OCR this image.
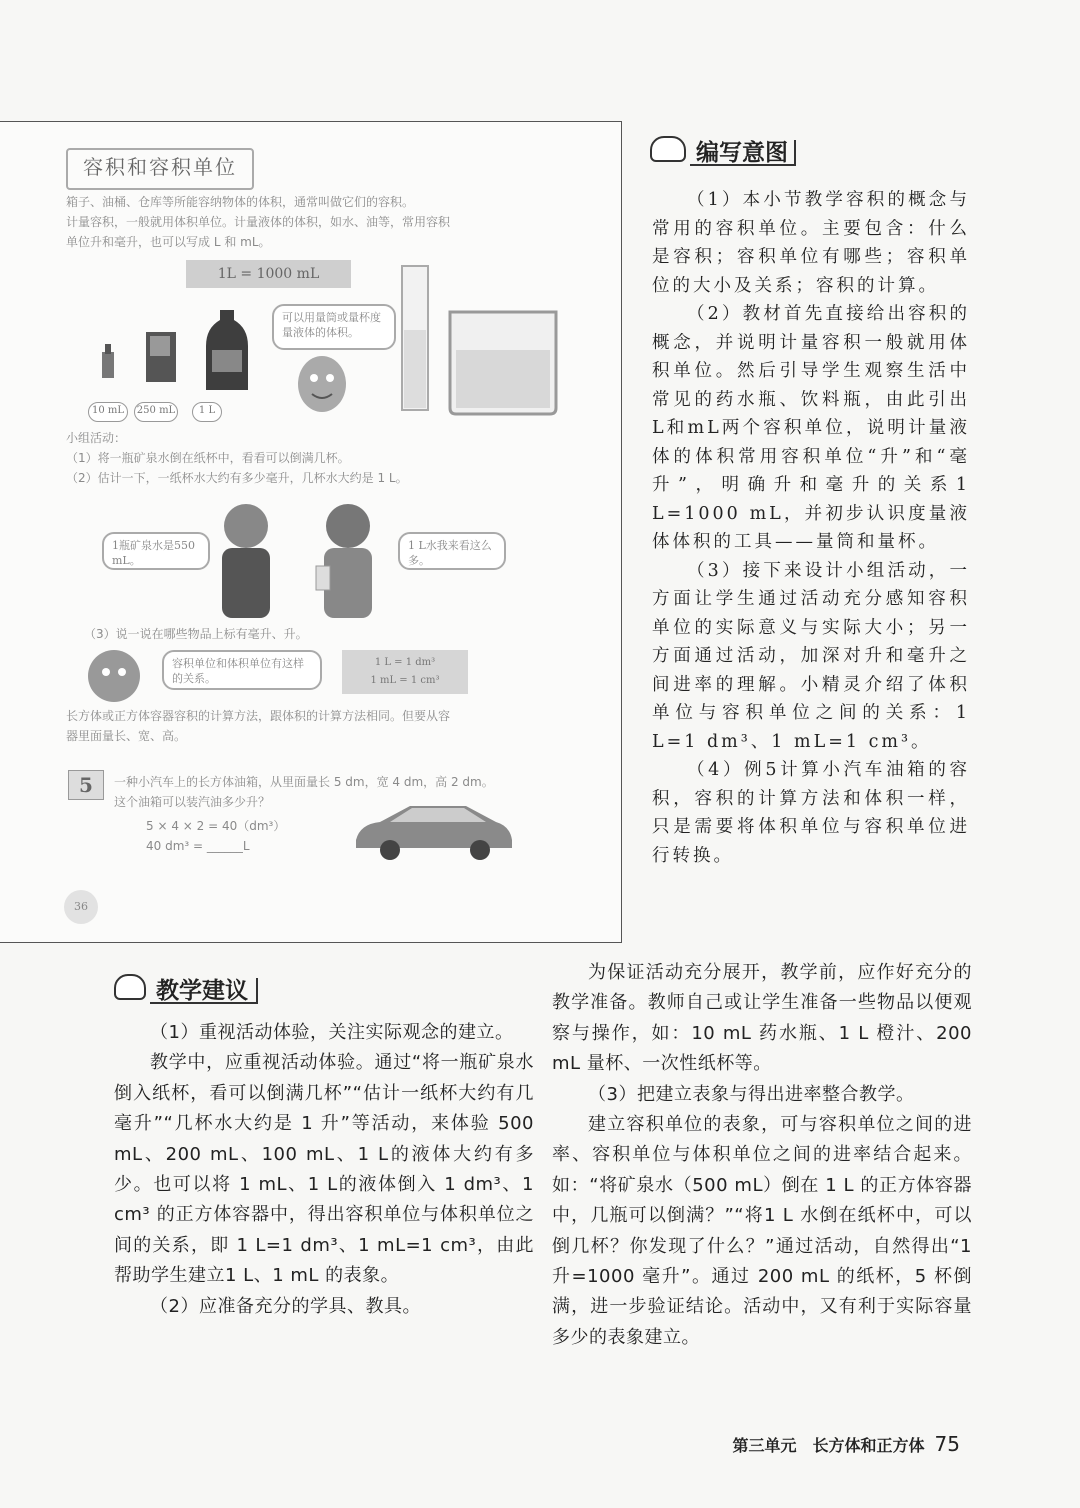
容积和容积单位
箱子、油桶、仓库等所能容纳物体的体积，通常叫做它们的容积。
计量容积，一般就用体积单位。计量液体的体积，如水、油等，常用容积
单位升和毫升，也可以写成 L 和 mL。
1L = 1000 mL
10 mL	250 mL	1 L
可以用量筒或量杯度量液体的体积。
小组活动：
（1）将一瓶矿泉水倒在纸杯中，看看可以倒满几杯。
（2）估计一下，一纸杯水大约有多少毫升，几杯水大约是 1 L。
1瓶矿泉水是550 mL。
1 L水我来看这么多。
（3）说一说在哪些物品上标有毫升、升。
容积单位和体积单位有这样的关系。
1 L = 1 dm³
1 mL = 1 cm³
长方体或正方体容器容积的计算方法，跟体积的计算方法相同。但要从容
器里面量长、宽、高。
5	一种小汽车上的长方体油箱，从里面量长 5 dm，宽 4 dm，高 2 dm。
这个油箱可以装汽油多少升？
5 × 4 × 2 = 40（dm³）
40 dm³ = ______L
36
编写意图

（1）本小节教学容积的概念与常用的容积单位。主要包含：什么是容积；容积单位有哪些；容积单位的大小及关系；容积的计算。

（2）教材首先直接给出容积的概念，并说明计量容积一般就用体积单位。然后引导学生观察生活中常见的药水瓶、饮料瓶，由此引出L和mL两个容积单位，说明计量液体的体积常用容积单位“升”和“毫升”，明确升和毫升的关系1 L=1000 mL，并初步认识度量液体体积的工具——量筒和量杯。

（3）接下来设计小组活动，一方面让学生通过活动充分感知容积单位的实际意义与实际大小；另一方面通过活动，加深对升和毫升之间进率的理解。小精灵介绍了体积单位与容积单位之间的关系：1 L=1 dm³、1 mL=1 cm³。

（4）例5计算小汽车油箱的容积，容积的计算方法和体积一样，只是需要将体积单位与容积单位进行转换。

教学建议

（1）重视活动体验，关注实际观念的建立。

教学中，应重视活动体验。通过“将一瓶矿泉水倒入纸杯，看可以倒满几杯”“估计一纸杯大约有几毫升”“几杯水大约是 1 升”等活动，来体验 500 mL、200 mL、100 mL、1 L的液体大约有多少。也可以将 1 mL、1 L的液体倒入 1 dm³、1 cm³ 的正方体容器中，得出容积单位与体积单位之间的关系，即 1 L=1 dm³、1 mL=1 cm³，由此帮助学生建立1 L、1 mL 的表象。

（2）应准备充分的学具、教具。

为保证活动充分展开，教学前，应作好充分的教学准备。教师自己或让学生准备一些物品以便观察与操作，如：10 mL 药水瓶、1 L 橙汁、200 mL 量杯、一次性纸杯等。

（3）把建立表象与得出进率整合教学。

建立容积单位的表象，可与容积单位之间的进率、容积单位与体积单位之间的进率结合起来。如：“将矿泉水（500 mL）倒在 1 L 的正方体容器中，几瓶可以倒满？”“将1 L 水倒在纸杯中，可以倒几杯？你发现了什么？”通过活动，自然得出“1 升=1000 毫升”。通过 200 mL 的纸杯，5 杯倒满，进一步验证结论。活动中，又有利于实际容量多少的表象建立。

第三单元　长方体和正方体 75
